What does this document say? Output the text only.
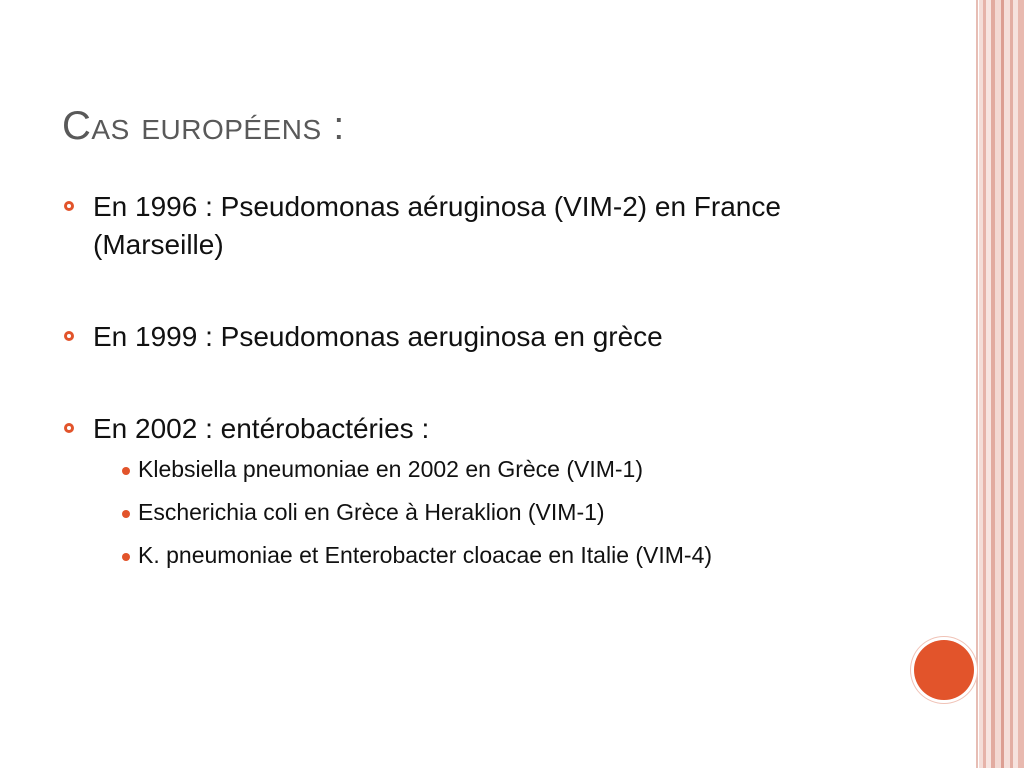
Cas européens :
En 1996 : Pseudomonas aéruginosa (VIM-2) en France (Marseille)
En 1999 : Pseudomonas aeruginosa en grèce
En 2002 : entérobactéries :
Klebsiella pneumoniae en 2002 en Grèce (VIM-1)
Escherichia coli en Grèce à Heraklion (VIM-1)
K. pneumoniae et Enterobacter cloacae en Italie (VIM-4)
